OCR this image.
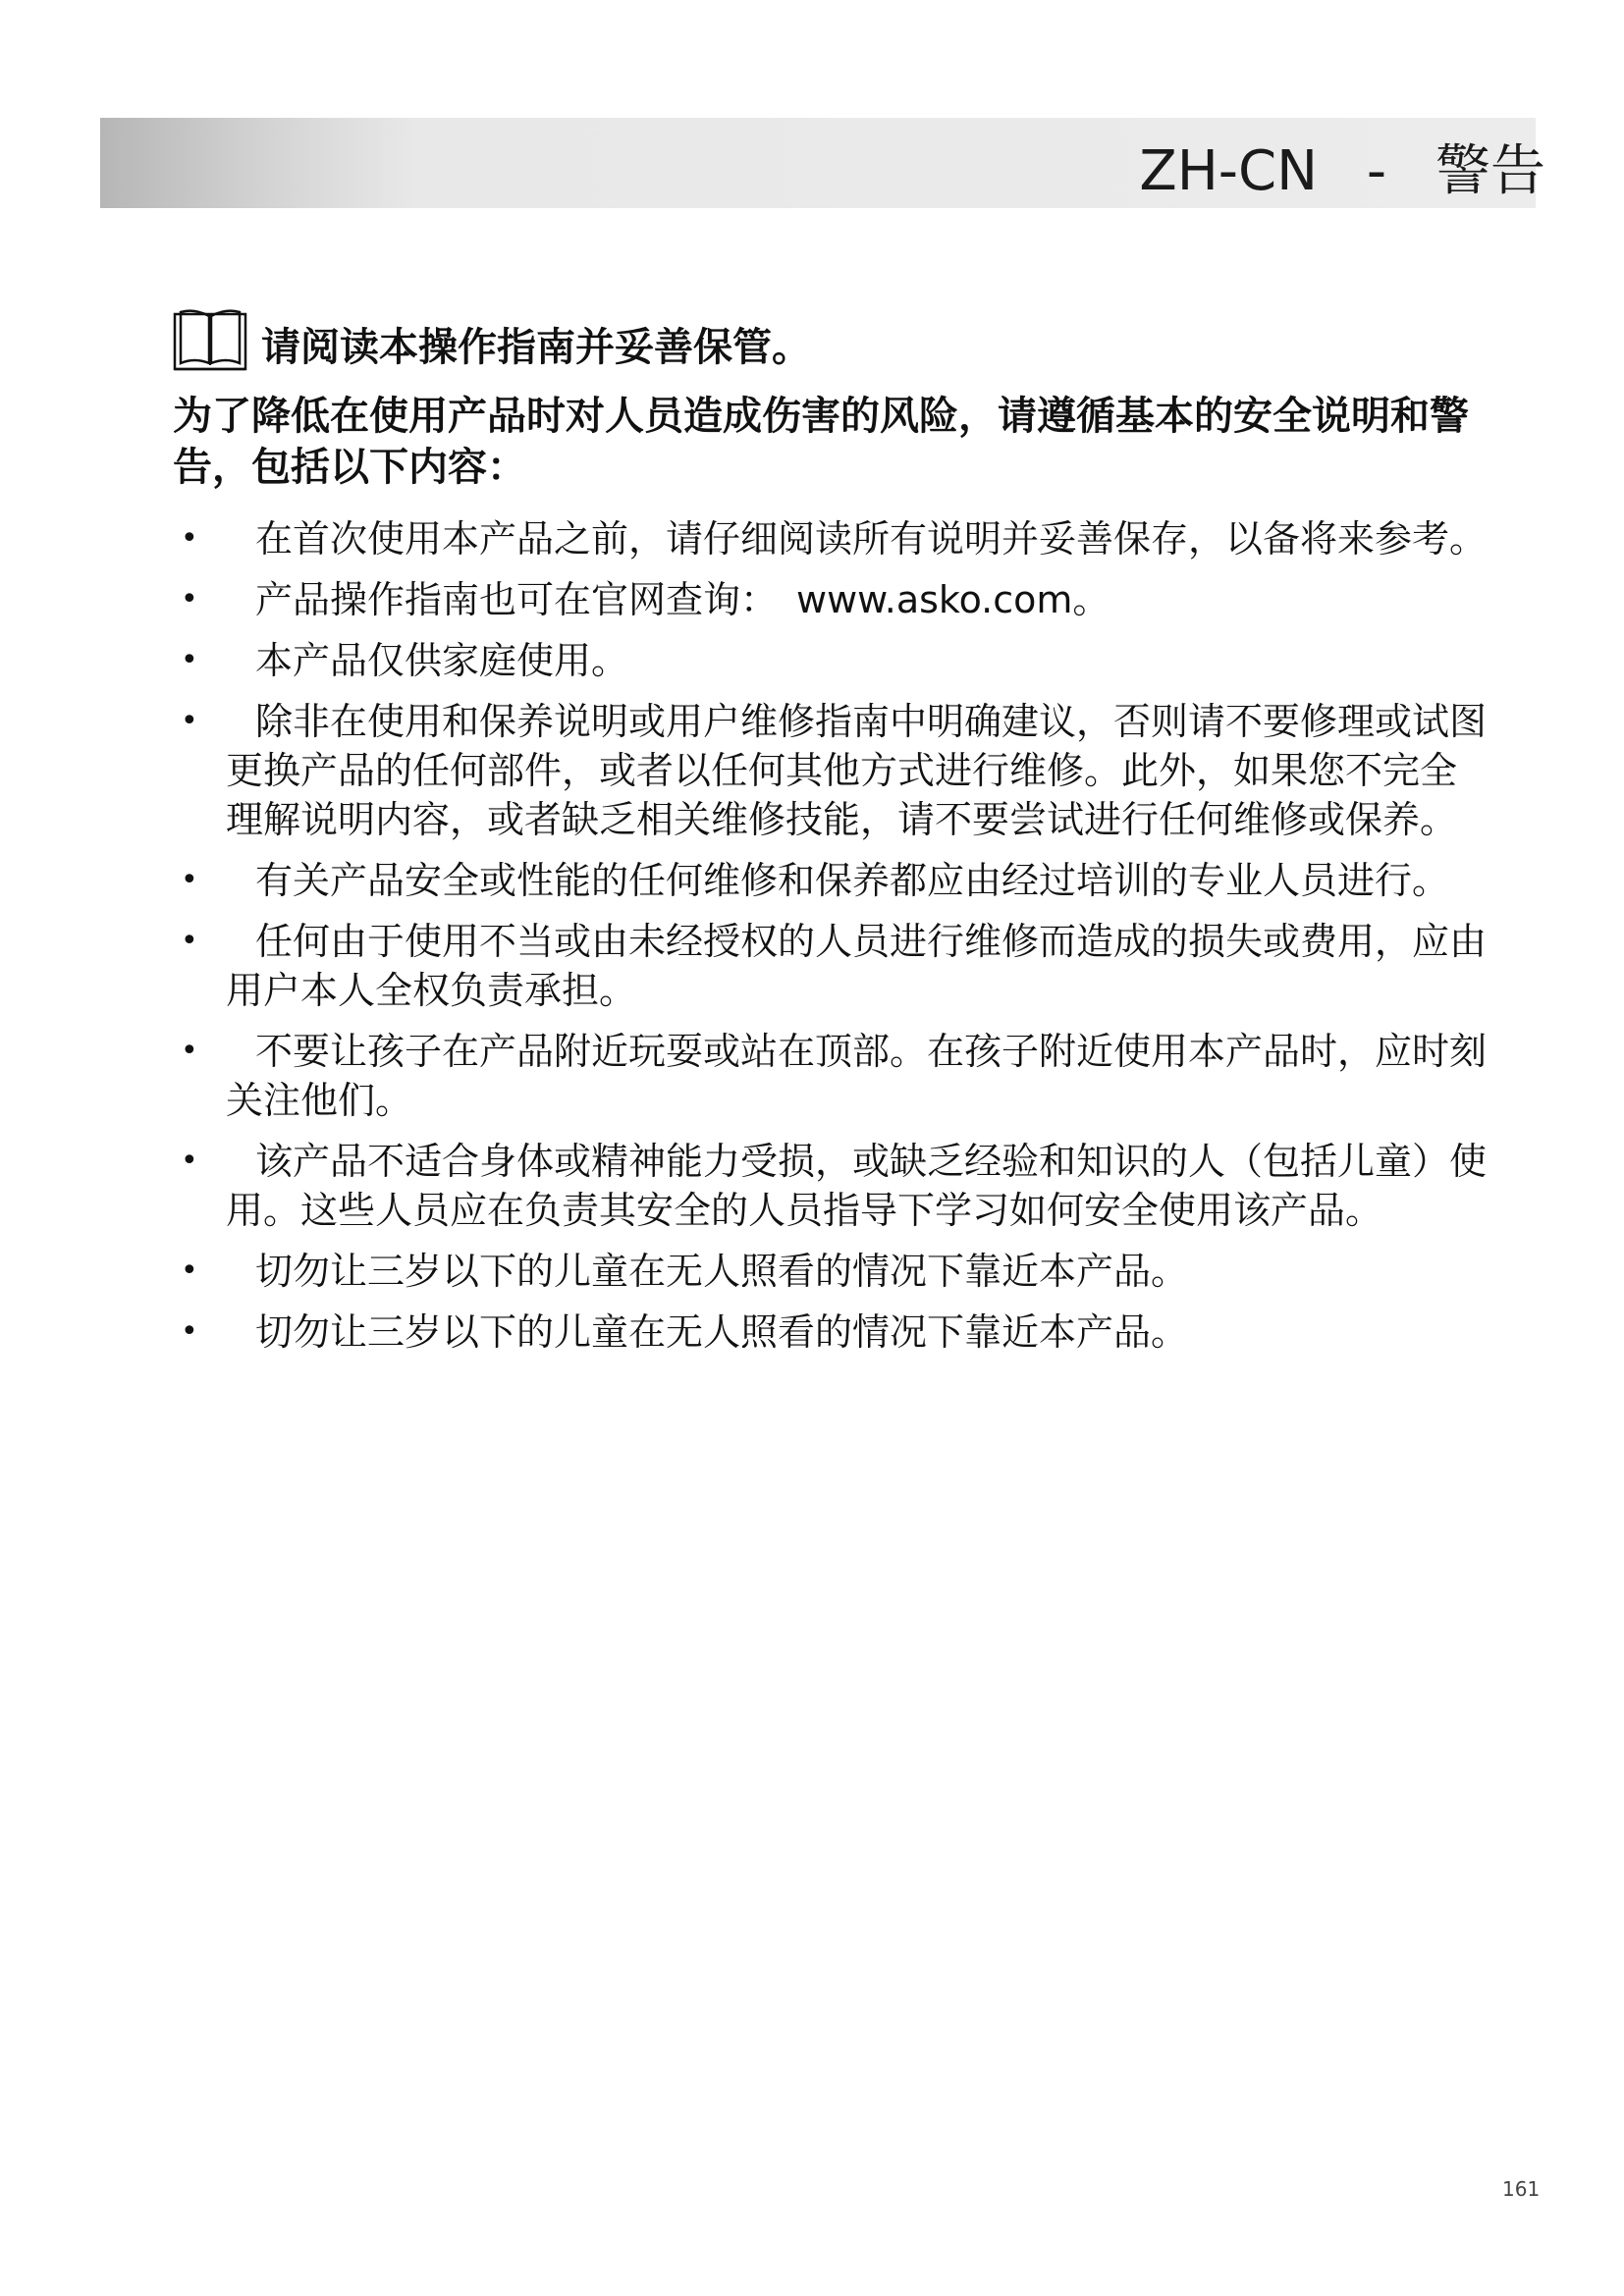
ZH-CN - 警告
请阅读本操作指南并妥善保管。
为了降低在使用产品时对人员造成伤害的风险，请遵循基本的安全说明和警告，包括以下内容：
•	在首次使用本产品之前，请仔细阅读所有说明并妥善保存，以备将来参考。
•	产品操作指南也可在官网查询：　www.asko.com。
•	本产品仅供家庭使用。
•	除非在使用和保养说明或用户维修指南中明确建议，否则请不要修理或试图更换产品的任何部件，或者以任何其他方式进行维修。此外，如果您不完全理解说明内容，或者缺乏相关维修技能，请不要尝试进行任何维修或保养。
•	有关产品安全或性能的任何维修和保养都应由经过培训的专业人员进行。
•	任何由于使用不当或由未经授权的人员进行维修而造成的损失或费用，应由用户本人全权负责承担。
•	不要让孩子在产品附近玩耍或站在顶部。在孩子附近使用本产品时，应时刻关注他们。
•	该产品不适合身体或精神能力受损，或缺乏经验和知识的人（包括儿童）使用。这些人员应在负责其安全的人员指导下学习如何安全使用该产品。
•	切勿让三岁以下的儿童在无人照看的情况下靠近本产品。
•	切勿让三岁以下的儿童在无人照看的情况下靠近本产品。
161
